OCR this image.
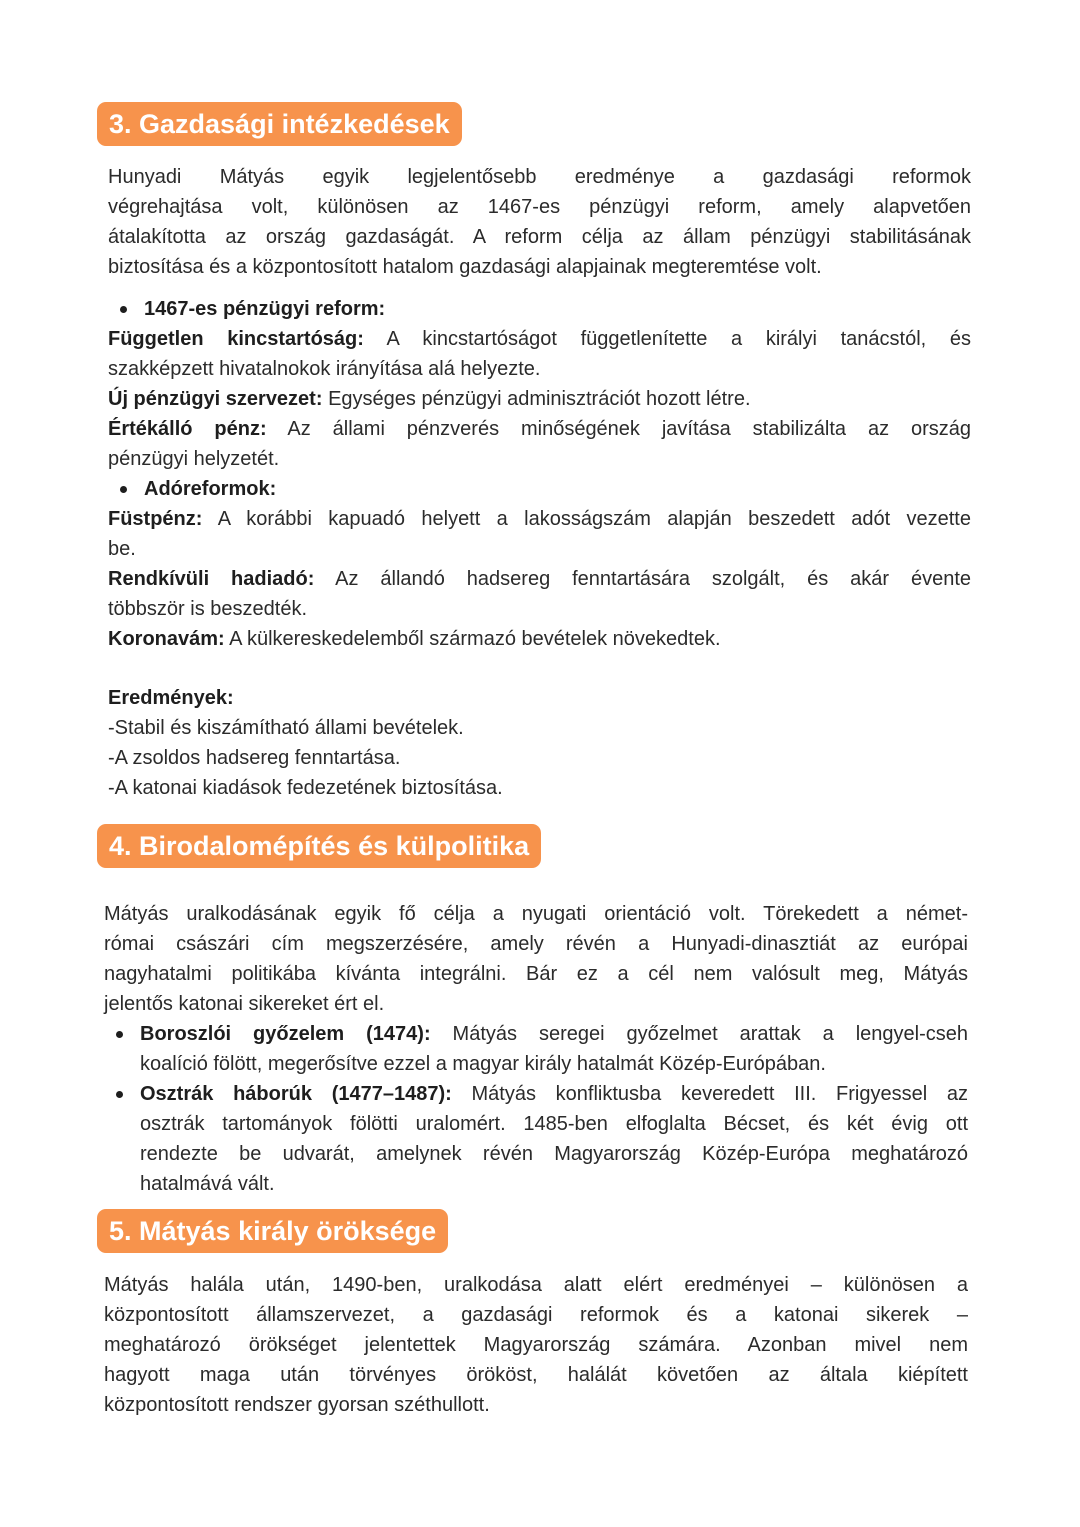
3. Gazdasági intézkedések
Hunyadi Mátyás egyik legjelentősebb eredménye a gazdasági reformok
végrehajtása volt, különösen az 1467-es pénzügyi reform, amely alapvetően
átalakította az ország gazdaságát. A reform célja az állam pénzügyi stabilitásának
biztosítása és a központosított hatalom gazdasági alapjainak megteremtése volt.
1467-es pénzügyi reform:
Független kincstartóság: A kincstartóságot függetlenítette a királyi tanácstól, és
szakképzett hivatalnokok irányítása alá helyezte.
Új pénzügyi szervezet: Egységes pénzügyi adminisztrációt hozott létre.
Értékálló pénz: Az állami pénzverés minőségének javítása stabilizálta az ország
pénzügyi helyzetét.
Adóreformok:
Füstpénz: A korábbi kapuadó helyett a lakosságszám alapján beszedett adót vezette
be.
Rendkívüli hadiadó: Az állandó hadsereg fenntartására szolgált, és akár évente
többször is beszedték.
Koronavám: A külkereskedelemből származó bevételek növekedtek.
Eredmények:
-Stabil és kiszámítható állami bevételek.
-A zsoldos hadsereg fenntartása.
-A katonai kiadások fedezetének biztosítása.
4. Birodalomépítés és külpolitika
Mátyás uralkodásának egyik fő célja a nyugati orientáció volt. Törekedett a német-
római császári cím megszerzésére, amely révén a Hunyadi-dinasztiát az európai
nagyhatalmi politikába kívánta integrálni. Bár ez a cél nem valósult meg, Mátyás
jelentős katonai sikereket ért el.
Boroszlói győzelem (1474): Mátyás seregei győzelmet arattak a lengyel-cseh
koalíció fölött, megerősítve ezzel a magyar király hatalmát Közép-Európában.
Osztrák háborúk (1477–1487): Mátyás konfliktusba keveredett III. Frigyessel az
osztrák tartományok fölötti uralomért. 1485-ben elfoglalta Bécset, és két évig ott
rendezte be udvarát, amelynek révén Magyarország Közép-Európa meghatározó
hatalmává vált.
5. Mátyás király öröksége
Mátyás halála után, 1490-ben, uralkodása alatt elért eredményei – különösen a
központosított államszervezet, a gazdasági reformok és a katonai sikerek –
meghatározó örökséget jelentettek Magyarország számára. Azonban mivel nem
hagyott maga után törvényes örököst, halálát követően az általa kiépített
központosított rendszer gyorsan széthullott.
